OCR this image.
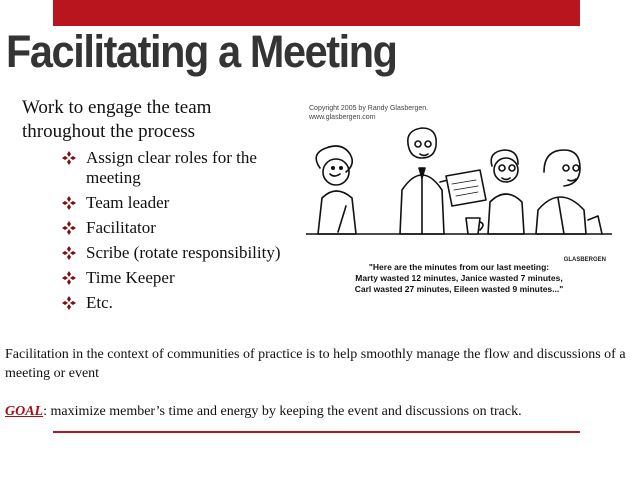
Facilitating a Meeting
Work to engage the team
throughout the process
Assign clear roles for the meeting
Team leader
Facilitator
Scribe (rotate responsibility)
Time Keeper
Etc.
Copyright 2005 by Randy Glasbergen.
www.glasbergen.com
GLASBERGEN
"Here are the minutes from our last meeting:
Marty wasted 12 minutes, Janice wasted 7 minutes,
Carl wasted 27 minutes, Eileen wasted 9 minutes..."
Facilitation in the context of communities of practice is to help smoothly manage the flow and discussions of a meeting or event
GOAL: maximize member’s time and energy by keeping the event and discussions on track.
